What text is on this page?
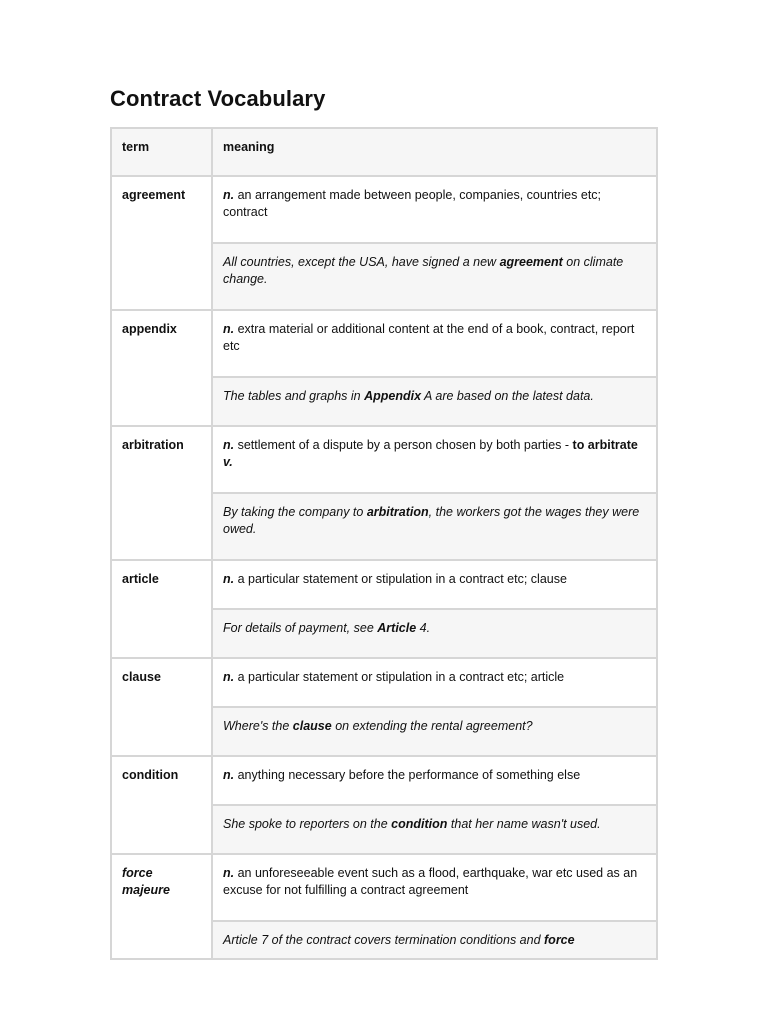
Contract Vocabulary
term	meaning
agreement	n. an arrangement made between people, companies, countries etc; contract
	All countries, except the USA, have signed a new agreement on climate change.
appendix	n. extra material or additional content at the end of a book, contract, report etc
	The tables and graphs in Appendix A are based on the latest data.
arbitration	n. settlement of a dispute by a person chosen by both parties - to arbitrate v.
	By taking the company to arbitration, the workers got the wages they were owed.
article	n. a particular statement or stipulation in a contract etc; clause
	For details of payment, see Article 4.
clause	n. a particular statement or stipulation in a contract etc; article
	Where's the clause on extending the rental agreement?
condition	n. anything necessary before the performance of something else
	She spoke to reporters on the condition that her name wasn't used.
force majeure	n. an unforeseeable event such as a flood, earthquake, war etc used as an excuse for not fulfilling a contract agreement
	Article 7 of the contract covers termination conditions and force
